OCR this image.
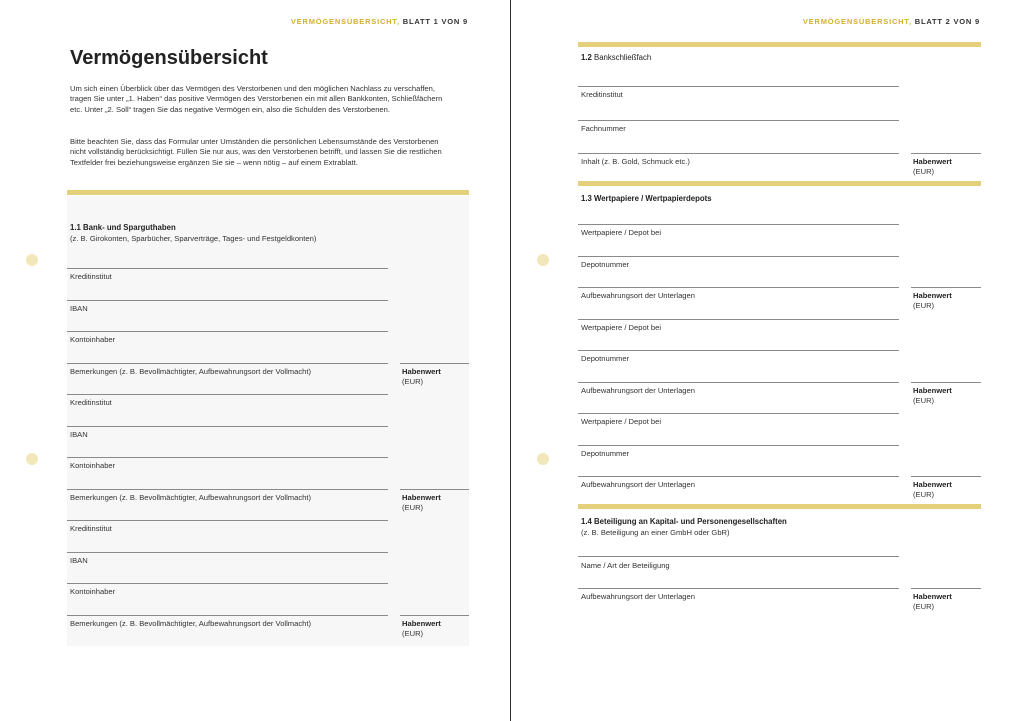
VERMÖGENSÜBERSICHT, BLATT 1 VON 9
Vermögensübersicht

Um sich einen Überblick über das Vermögen des Verstorbenen und den möglichen Nachlass zu verschaffen, tragen Sie unter „1. Haben“ das positive Vermögen des Verstorbenen ein mit allen Bankkonten, Schließfächern etc. Unter „2. Soll“ tragen Sie das negative Vermögen ein, also die Schulden des Verstorbenen.

Bitte beachten Sie, dass das Formular unter Umständen die persönlichen Lebensumstände des Verstorbenen nicht vollständig berücksichtigt. Füllen Sie nur aus, was den Verstorbenen betrifft, und lassen Sie die restlichen Textfelder frei beziehungsweise ergänzen Sie sie – wenn nötig – auf einem Extrablatt.

1.1 Bank- und Sparguthaben
(z. B. Girokonten, Sparbücher, Sparverträge, Tages- und Festgeldkonten)
Kreditinstitut
IBAN
Kontoinhaber
Bemerkungen (z. B. Bevollmächtigter, Aufbewahrungsort der Vollmacht)	Habenwert
(EUR)
Kreditinstitut
IBAN
Kontoinhaber
Bemerkungen (z. B. Bevollmächtigter, Aufbewahrungsort der Vollmacht)	Habenwert
(EUR)
Kreditinstitut
IBAN
Kontoinhaber
Bemerkungen (z. B. Bevollmächtigter, Aufbewahrungsort der Vollmacht)	Habenwert
(EUR)
VERMÖGENSÜBERSICHT, BLATT 2 VON 9
1.2 Bankschließfach
Kreditinstitut
Fachnummer
Inhalt (z. B. Gold, Schmuck etc.)	Habenwert
(EUR)
1.3 Wertpapiere / Wertpapierdepots
Wertpapiere / Depot bei
Depotnummer
Aufbewahrungsort der Unterlagen	Habenwert
(EUR)
Wertpapiere / Depot bei
Depotnummer
Aufbewahrungsort der Unterlagen	Habenwert
(EUR)
Wertpapiere / Depot bei
Depotnummer
Aufbewahrungsort der Unterlagen	Habenwert
(EUR)
1.4 Beteiligung an Kapital- und Personengesellschaften
(z. B. Beteiligung an einer GmbH oder GbR)
Name / Art der Beteiligung
Aufbewahrungsort der Unterlagen	Habenwert
(EUR)
